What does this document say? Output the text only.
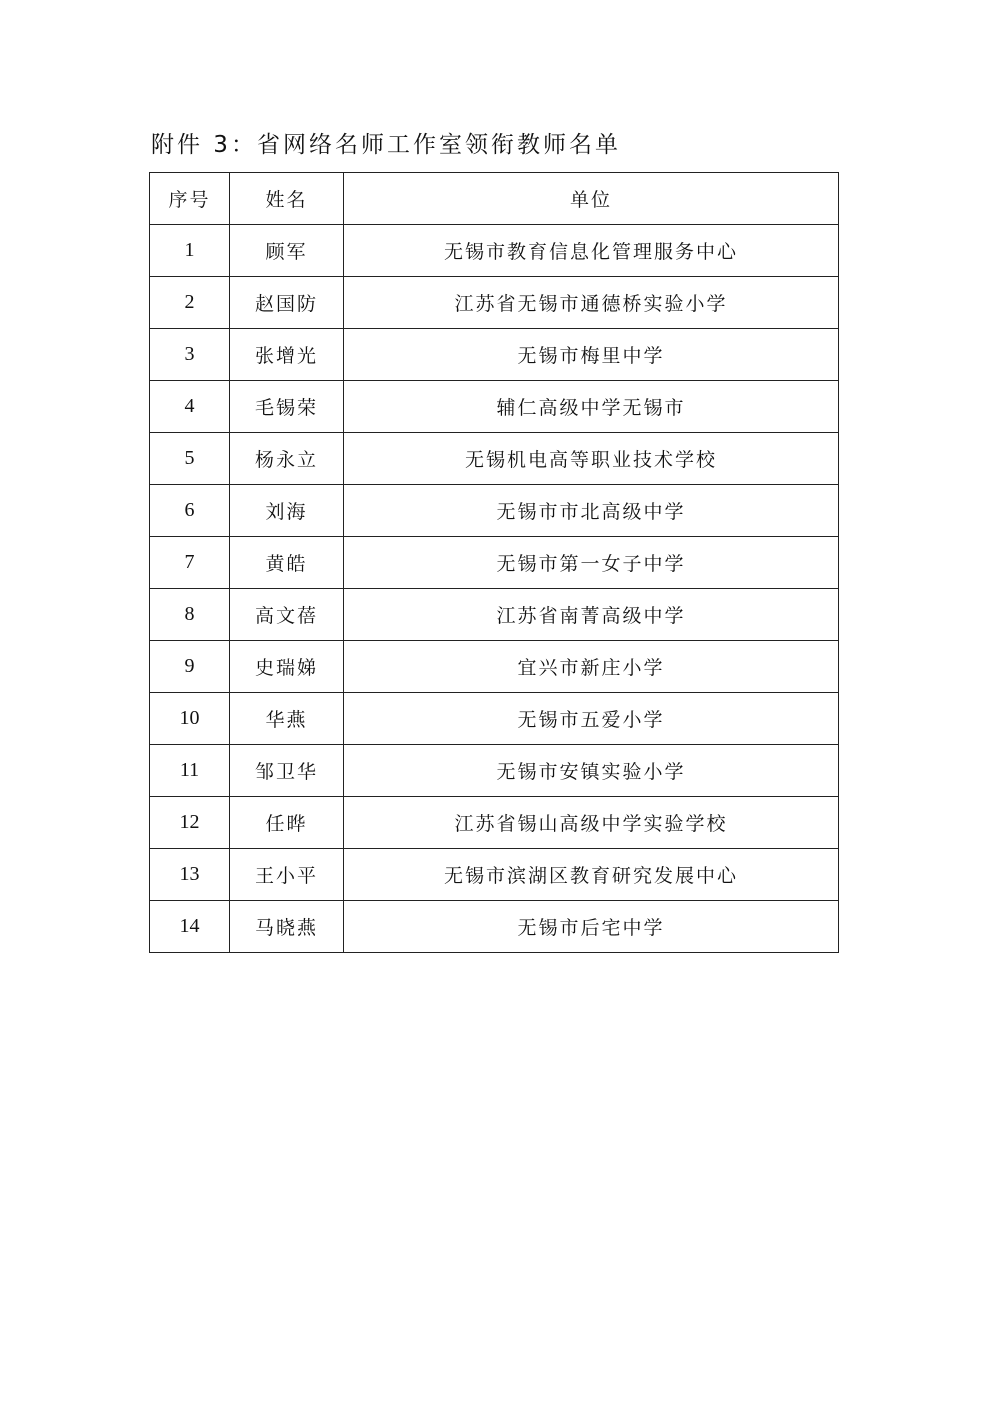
附件 3：省网络名师工作室领衔教师名单
序号	姓名	单位
1	顾军	无锡市教育信息化管理服务中心
2	赵国防	江苏省无锡市通德桥实验小学
3	张增光	无锡市梅里中学
4	毛锡荣	辅仁高级中学无锡市
5	杨永立	无锡机电高等职业技术学校
6	刘海	无锡市市北高级中学
7	黄皓	无锡市第一女子中学
8	高文蓓	江苏省南菁高级中学
9	史瑞娣	宜兴市新庄小学
10	华燕	无锡市五爱小学
11	邹卫华	无锡市安镇实验小学
12	任晔	江苏省锡山高级中学实验学校
13	王小平	无锡市滨湖区教育研究发展中心
14	马晓燕	无锡市后宅中学
